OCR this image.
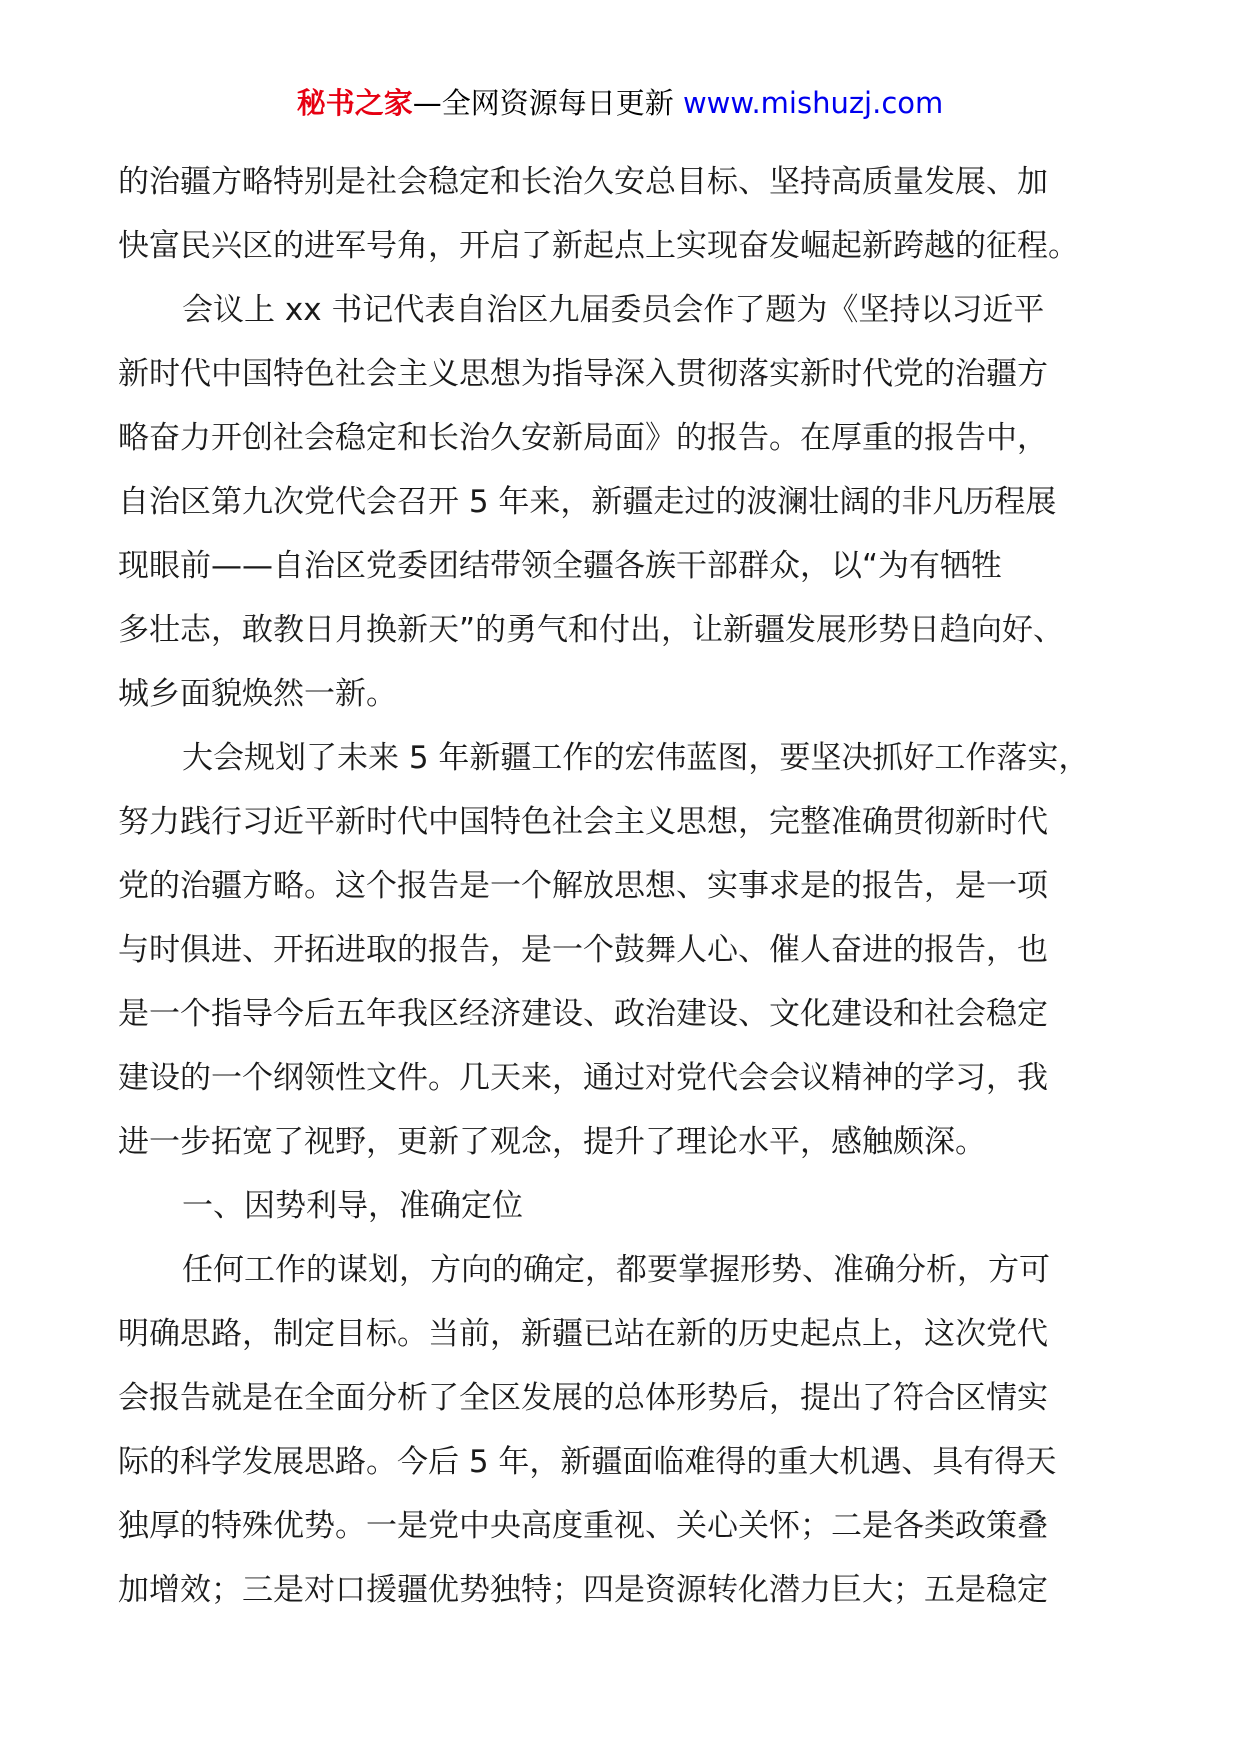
秘书之家—全网资源每日更新 www.mishuzj.com
的治疆方略特别是社会稳定和长治久安总目标、坚持高质量发展、加
快富民兴区的进军号角，开启了新起点上实现奋发崛起新跨越的征程。
会议上 xx 书记代表自治区九届委员会作了题为《坚持以习近平
新时代中国特色社会主义思想为指导深入贯彻落实新时代党的治疆方
略奋力开创社会稳定和长治久安新局面》的报告。在厚重的报告中，
自治区第九次党代会召开 5 年来，新疆走过的波澜壮阔的非凡历程展
现眼前——自治区党委团结带领全疆各族干部群众，以“为有牺牲
多壮志，敢教日月换新天”的勇气和付出，让新疆发展形势日趋向好、
城乡面貌焕然一新。
大会规划了未来 5 年新疆工作的宏伟蓝图，要坚决抓好工作落实，
努力践行习近平新时代中国特色社会主义思想，完整准确贯彻新时代
党的治疆方略。这个报告是一个解放思想、实事求是的报告，是一项
与时俱进、开拓进取的报告，是一个鼓舞人心、催人奋进的报告，也
是一个指导今后五年我区经济建设、政治建设、文化建设和社会稳定
建设的一个纲领性文件。几天来，通过对党代会会议精神的学习，我
进一步拓宽了视野，更新了观念，提升了理论水平，感触颇深。
一、因势利导，准确定位
任何工作的谋划，方向的确定，都要掌握形势、准确分析，方可
明确思路，制定目标。当前，新疆已站在新的历史起点上，这次党代
会报告就是在全面分析了全区发展的总体形势后，提出了符合区情实
际的科学发展思路。今后 5 年，新疆面临难得的重大机遇、具有得天
独厚的特殊优势。一是党中央高度重视、关心关怀；二是各类政策叠
加增效；三是对口援疆优势独特；四是资源转化潜力巨大；五是稳定
